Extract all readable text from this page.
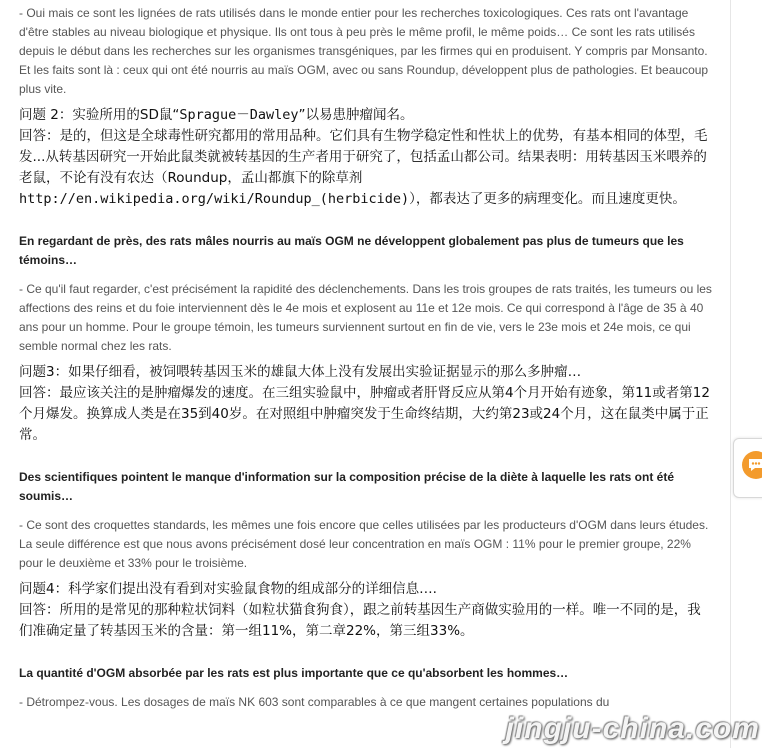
- Oui mais ce sont les lignées de rats utilisés dans le monde entier pour les recherches toxicologiques. Ces rats ont l'avantage d'être stables au niveau biologique et physique. Ils ont tous à peu près le même profil, le même poids… Ce sont les rats utilisés depuis le début dans les recherches sur les organismes transgéniques, par les firmes qui en produisent. Y compris par Monsanto. Et les faits sont là : ceux qui ont été nourris au maïs OGM, avec ou sans Roundup, développent plus de pathologies. Et beaucoup plus vite.

问题 2：实验所用的SD鼠“Sprague－Dawley”以易患肿瘤闻名。

回答：是的，但这是全球毒性研究都用的常用品种。它们具有生物学稳定性和性状上的优势，有基本相同的体型，毛发...从转基因研究一开始此鼠类就被转基因的生产者用于研究了，包括孟山都公司。结果表明：用转基因玉米喂养的老鼠，不论有没有农达（Roundup，孟山都旗下的除草剂 http://en.wikipedia.org/wiki/Roundup_(herbicide)），都表达了更多的病理变化。而且速度更快。

En regardant de près, des rats mâles nourris au maïs OGM ne développent globalement pas plus de tumeurs que les témoins…

- Ce qu'il faut regarder, c'est précisément la rapidité des déclenchements. Dans les trois groupes de rats traités, les tumeurs ou les affections des reins et du foie interviennent dès le 4e mois et explosent au 11e et 12e mois. Ce qui correspond à l'âge de 35 à 40 ans pour un homme. Pour le groupe témoin, les tumeurs surviennent surtout en fin de vie, vers le 23e mois et 24e mois, ce qui semble normal chez les rats.

问题3：如果仔细看，被饲喂转基因玉米的雄鼠大体上没有发展出实验证据显示的那么多肿瘤…

回答：最应该关注的是肿瘤爆发的速度。在三组实验鼠中，肿瘤或者肝肾反应从第4个月开始有迹象，第11或者第12个月爆发。换算成人类是在35到40岁。在对照组中肿瘤突发于生命终结期，大约第23或24个月，这在鼠类中属于正常。

Des scientifiques pointent le manque d'information sur la composition précise de la diète à laquelle les rats ont été soumis…

- Ce sont des croquettes standards, les mêmes une fois encore que celles utilisées par les producteurs d'OGM dans leurs études. La seule différence est que nous avons précisément dosé leur concentration en maïs OGM : 11% pour le premier groupe, 22% pour le deuxième et 33% pour le troisième.

问题4：科学家们提出没有看到对实验鼠食物的组成部分的详细信息….

回答：所用的是常见的那种粒状饲料（如粒状猫食狗食），跟之前转基因生产商做实验用的一样。唯一不同的是，我们准确定量了转基因玉米的含量：第一组11%，第二章22%，第三组33%。

La quantité d'OGM absorbée par les rats est plus importante que ce qu'absorbent les hommes…

- Détrompez-vous. Les dosages de maïs NK 603 sont comparables à ce que mangent certaines populations du

jingju-china.com
